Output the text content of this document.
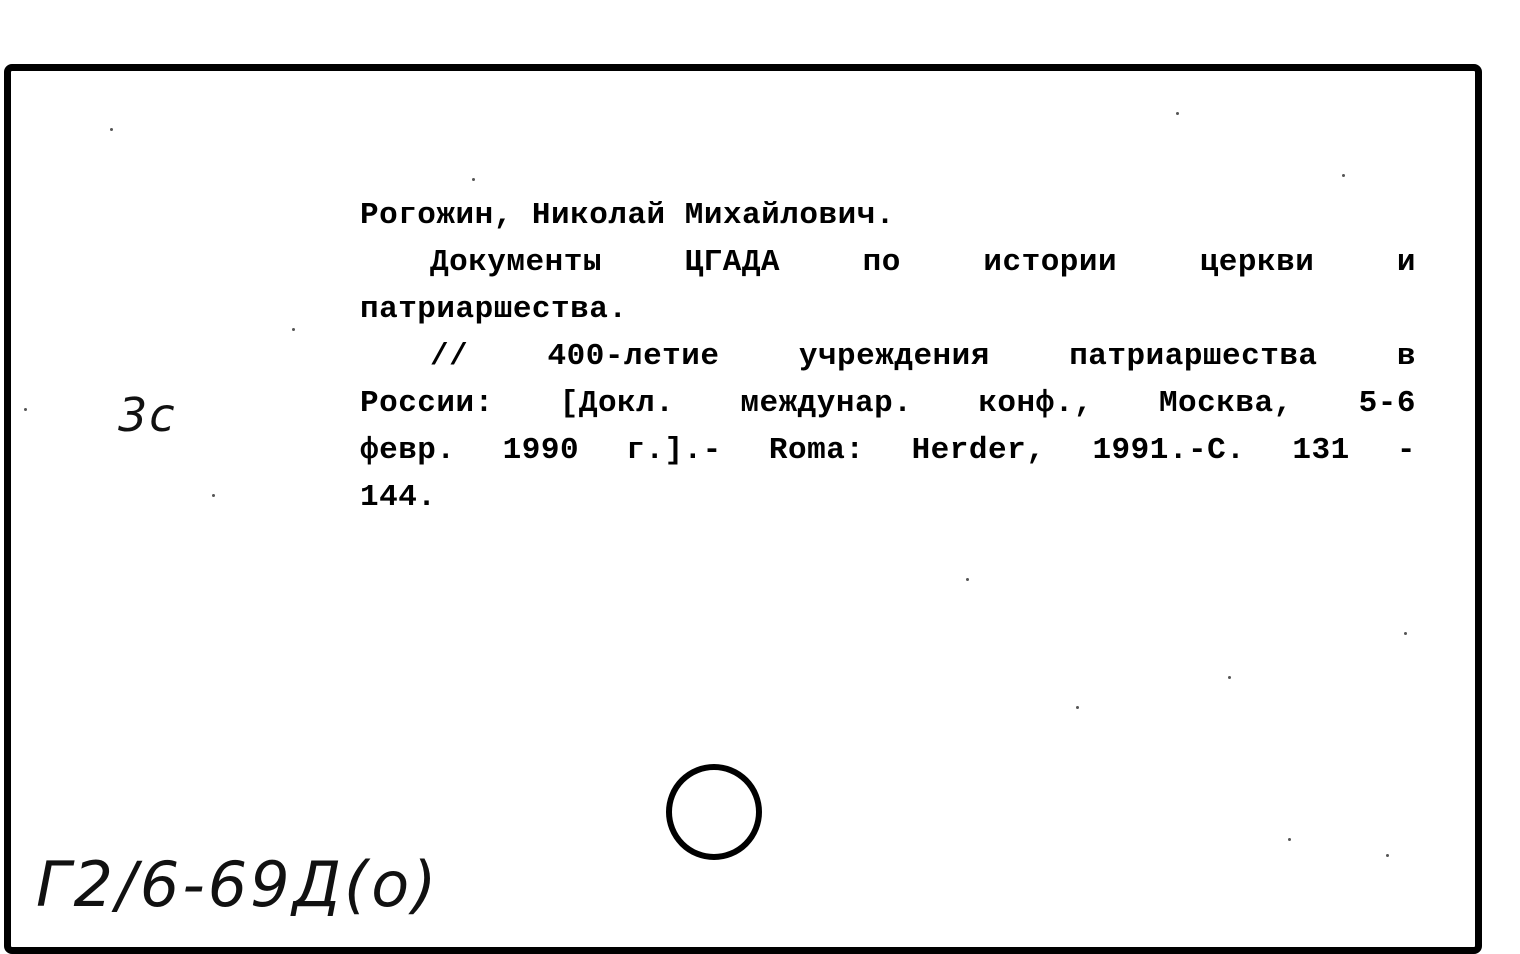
Рогожин, Николай Михайлович.
Документы ЦГАДА по истории церкви и
патриаршества.
// 400-летие учреждения патриаршества в
России: [Докл. междунар. конф., Москва, 5-6
февр. 1990 г.].- Roma: Herder, 1991.-С. 131 -
144.
3с
Г2/6-69Д(о)
